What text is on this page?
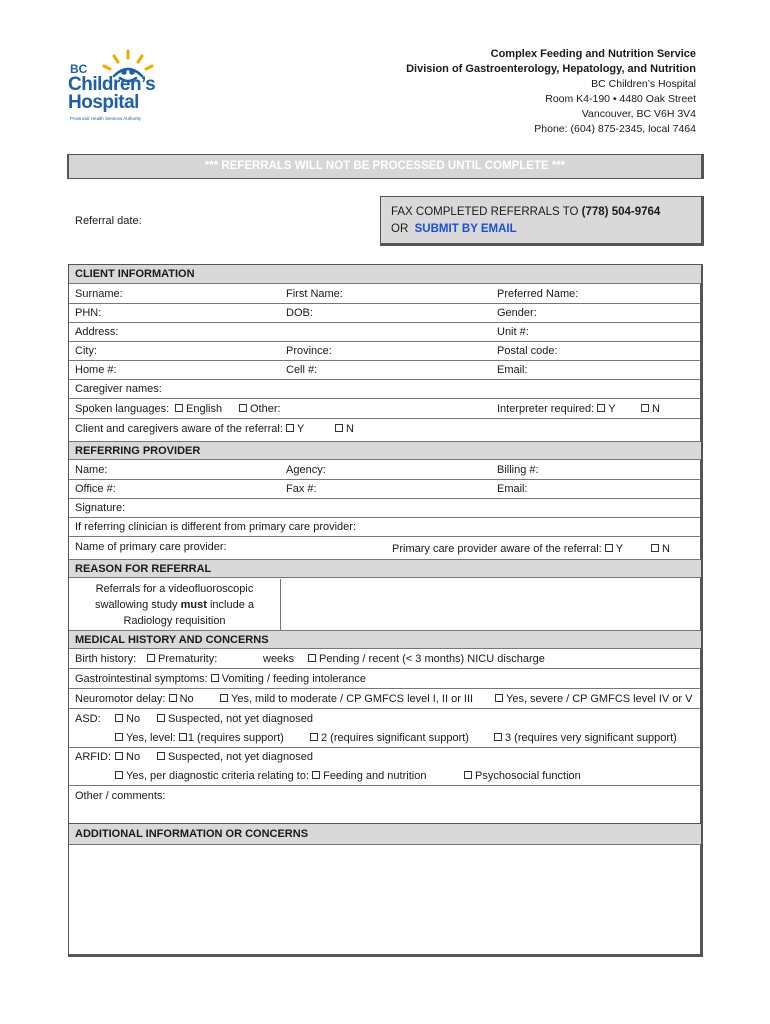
BC
Children’s
Hospital
Provincial Health Services Authority
Complex Feeding and Nutrition Service
Division of Gastroenterology, Hepatology, and Nutrition
BC Children’s Hospital
Room K4-190 • 4480 Oak Street
Vancouver, BC V6H 3V4
Phone: (604) 875-2345, local 7464
*** REFERRALS WILL NOT BE PROCESSED UNTIL COMPLETE ***
Referral date:
FAX COMPLETED REFERRALS TO (778) 504-9764
OR  SUBMIT BY EMAIL
CLIENT INFORMATION
Surname:	First Name:	Preferred Name:
PHN:	DOB:	Gender:
Address:	Unit #:
City:	Province:	Postal code:
Home #:	Cell #:	Email:
Caregiver names:
Spoken languages:	English	Other:	Interpreter required: Y	N
Client and caregivers aware of the referral: Y	N
REFERRING PROVIDER
Name:	Agency:	Billing #:
Office #:	Fax #:	Email:
Signature:
If referring clinician is different from primary care provider:
Name of primary care provider:	Primary care provider aware of the referral: Y	N
REASON FOR REFERRAL
Referrals for a videofluoroscopic
swallowing study must include a
Radiology requisition
MEDICAL HISTORY AND CONCERNS
Birth history:	Prematurity:	weeks	Pending / recent (< 3 months) NICU discharge
Gastrointestinal symptoms: Vomiting / feeding intolerance
Neuromotor delay: No	Yes, mild to moderate / CP GMFCS level I, II or III	Yes, severe / CP GMFCS level IV or V
ASD:	No	Suspected, not yet diagnosed
Yes, level: 1 (requires support)	2 (requires significant support)	3 (requires very significant support)
ARFID:	No	Suspected, not yet diagnosed
Yes, per diagnostic criteria relating to: Feeding and nutrition	Psychosocial function
Other / comments:
ADDITIONAL INFORMATION OR CONCERNS
